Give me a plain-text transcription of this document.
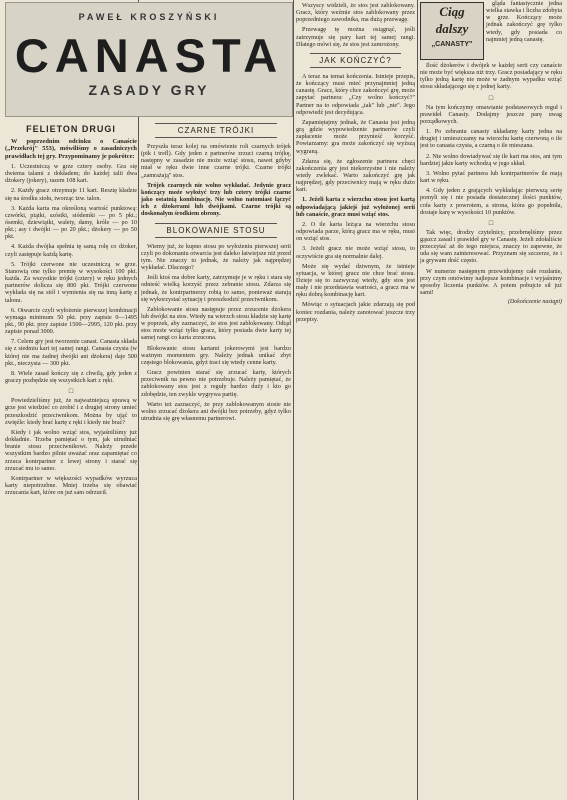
PAWEŁ KROSZYŃSKI
CANASTA
ZASADY GRY
FELIETON DRUGI

W poprzednim odcinku o Canaście („Przekrój" 553), mówiliśmy o zasadniczych prawidłach tej gry. Przypominamy je pokrótce:

1. Uczestniczą w grze cztery osoby. Gra się dwiema talami z dokładem; do każdej talii dwa dżokery (jokery), razem 108 kart.

2. Każdy gracz otrzymuje 11 kart. Resztę kładzie się na środku stołu, tworząc tzw. talon.

3. Każda karta ma określoną wartość punktową: czwórki, piątki, szóstki, siódemki — po 5 pkt.; ósemki, dziewiątki, walety, damy, króle — po 10 pkt.; asy i dwójki — po 20 pkt.; dżokery — po 50 pkt.

4. Każda dwójka spełnia tę samą rolę co dżoker, czyli zastępuje każdą kartę.

5. Trójki czerwone nie uczestniczą w grze. Stanowią one tylko premię w wysokości 100 pkt. każda. Za wszystkie trójki (cztery) w ręku jednych partnerów dolicza się 800 pkt. Trójki czerwone wykłada się na stół i wymienia się na inną kartę z talonu.

6. Otwarcie czyli wyłożenie pierwszej kombinacji wymaga minimum 50 pkt. przy zapisie 0—1495 pkt., 90 pkt. przy zapisie 1500—2995, 120 pkt. przy zapisie ponad 3000.

7. Celem gry jest tworzenie canast. Canasta składa się z siedmiu kart tej samej rangi. Canasta czysta (w której nie ma żadnej dwójki ani dżokera) daje 500 pkt., nieczysta — 300 pkt.

8. Wiele zasad kończy się z chwilą, gdy jeden z graczy pozbędzie się wszystkich kart z ręki.

□

Powiedzieliśmy już, że najważniejszą sprawą w grze jest wiedzieć co zrobić i z drugiej strony umieć przeszkodzić przeciwnikom. Można by ująć to zwięźle: kiedy brać kartę z ręki i kiedy nie brać?

Kiedy i jak wolno wziąć stos, wyjaśniliśmy już dokładnie. Trzeba pamiętać o tym, jak utrudniać branie stosu przeciwnikowi. Należy przede wszystkim bardzo pilnie uważać oraz zapamiętać co zrzuca kontrpartner z lewej strony i starać się zrzucać mu to samo.

Kontrpartner w większości wypadków wyrzuca karty niepotrzebne. Mniej trzeba się obawiać zrzucania kart, które on już sam odrzucił.

CZARNE TRÓJKI

Przyszła teraz kolej na omówienie roli czarnych trójek (pik i trefl). Gdy jeden z partnerów zrzuci czarną trójkę, następny w zasadzie nie może wziąć stosu, nawet gdyby miał w ręku dwie inne czarne trójki. Czarne trójki „zamrażają" stos.

Trójek czarnych nie wolno wykładać. Jedynie gracz kończący może wyłożyć trzy lub cztery trójki czarne jako ostatnią kombinację. Nie wolno natomiast łączyć ich z dżokerami lub dwójkami. Czarne trójki są doskonałym środkiem obrony.

BLOKOWANIE STOSU

Wiemy już, że kupno stosu po wyłożeniu pierwszej serii czyli po dokonaniu otwarcia jest daleko łatwiejsze niż przed tym. Nie znaczy to jednak, że należy jak najprędzej wykładać. Dlaczego?

Jeśli ktoś ma dobre karty, zatrzymuje je w ręku i stara się odnieść wielką korzyść przez zebranie stosu. Zdarza się jednak, że kontrpartnerzy robią to samo, ponieważ starają się wykorzystać sytuację i przeszkodzić przeciwnikom.

Zablokowanie stosu następuje przez zrzucenie dżokera lub dwójki na stos. Wtedy na wierzch stosu kładzie się kartę w poprzek, aby zaznaczyć, że stos jest zablokowany. Odtąd stos może wziąć tylko gracz, który posiada dwie karty tej samej rangi co karta zrzucona.

Blokowanie stosu kartami jokerowymi jest bardzo ważnym momentem gry. Należy jednak unikać zbyt częstego blokowania, gdyż traci się wtedy cenne karty.

Gracz powinien starać się zrzucać karty, których przeciwnik na pewno nie potrzebuje. Należy pamiętać, że zablokowany stos jest z reguły bardzo duży i kto go zdobędzie, ten zwykle wygrywa partię.

Warto też zaznaczyć, że przy zablokowanym stosie nie wolno zrzucać dżokera ani dwójki bez potrzeby, gdyż tylko utrudnia się grę własnemu partnerowi.

Wszyscy widzieli, że stos jest zablokowany. Gracz, który weźmie stos zablokowany przez poprzedniego zawodnika, ma dużą przewagę.

Przewagę tę można osiągnąć, jeśli zatrzymuje się pary kart tej samej rangi. Dlatego mówi się, że stos jest zamrożony.

JAK KOŃCZYĆ?

A teraz na temat kończenia. Istnieje przepis, że kończący musi mieć przynajmniej jedną canastę. Gracz, który chce zakończyć grę, może zapytać partnera: „Czy wolno kończyć?" Partner na to odpowiada „tak" lub „nie". Jego odpowiedź jest decydująca.

Zapamiętajmy jednak, że Canasta jest jedną grą gdzie wypowiedzenie partnerów czyli zapłacenie może przynieść korzyść. Powtarzamy: gra może zakończyć się wyższą wygraną.

Zdarza się, że zgłoszenie partnera chęci zakończenia gry jest niekorzystne i nie należy wtedy zwlekać. Warto zakończyć grę jak najprędzej, gdy przeciwnicy mają w ręku dużo kart.

1. Jeżeli karta z wierzchu stosu jest kartą odpowiadającą jakiejś już wyłożonej serii lub canaście, gracz musi wziąć stos.

2. O ile karta leżąca na wierzchu stosu odpowiada parze, którą gracz ma w ręku, musi on wziąć stos.

3. Jeżeli gracz nie może wziąć stosu, to oczywiście gra się normalnie dalej.

Może się wydać dziwnym, że istnieje sytuacja, w której gracz nie chce brać stosu. Dzieje się to zazwyczaj wtedy, gdy stos jest mały i nie przedstawia wartości, a gracz ma w ręku dobrą kombinację kart.

Mówiąc o sytuacjach jakie zdarzają się pod koniec rozdania, należy zanotować jeszcze trzy przepisy.

Ciąg
dalszy
„CANASTY"

gląda fantastycznie jedna wielka stawka i liczba zdobyta w grze. Kończący może jednak zakończyć grę tylko wtedy, gdy posiada co najmniej jedną canastę.

Ilość dżokerów i dwójek w każdej serii czy canaście nie może być większa niż trzy. Gracz posiadający w ręku tylko jedną kartę nie może w żadnym wypadku wziąć stosu składającego się z jednej karty.

□

Na tym kończymy omawianie podstawowych reguł i prawideł Canasty. Dodajmy jeszcze parę uwag porządkowych.

1. Po zebraniu canasty układamy karty jedna na drugiej i umieszczamy na wierzchu kartę czerwoną o ile jest to canasta czysta, a czarną o ile mieszana.

2. Nie wolno dowiadywać się ile kart ma stos, ani tym bardziej jakie karty wchodzą w jego skład.

3. Wolno pytać partnera lub kontrpartnerów ile mają kart w ręku.

4. Gdy jeden z grających wykładając pierwszą serię pomyli się i nie posiada dostatecznej ilości punktów, cofa karty z powrotem, a strona, która go popełniła, dostaje karę w wysokości 10 punktów.

□

Tak więc, drodzy czytelnicy, przebrnęliśmy przez gąszcz zasad i prawideł gry w Canastę. Jeżeli zdołaliście przeczytać aż do tego miejsca, znaczy to zapewne, że uda się wam zainteresować. Przyznam się szczerze, że i ja grywam dość często.

W numerze następnym przewidujemy całe rozdanie, przy czym omówimy najlepsze kombinacje i wyjaśnimy sposoby liczenia punktów. A potem pobujcie sił już sami!

(Dokończenie nastąpi)
